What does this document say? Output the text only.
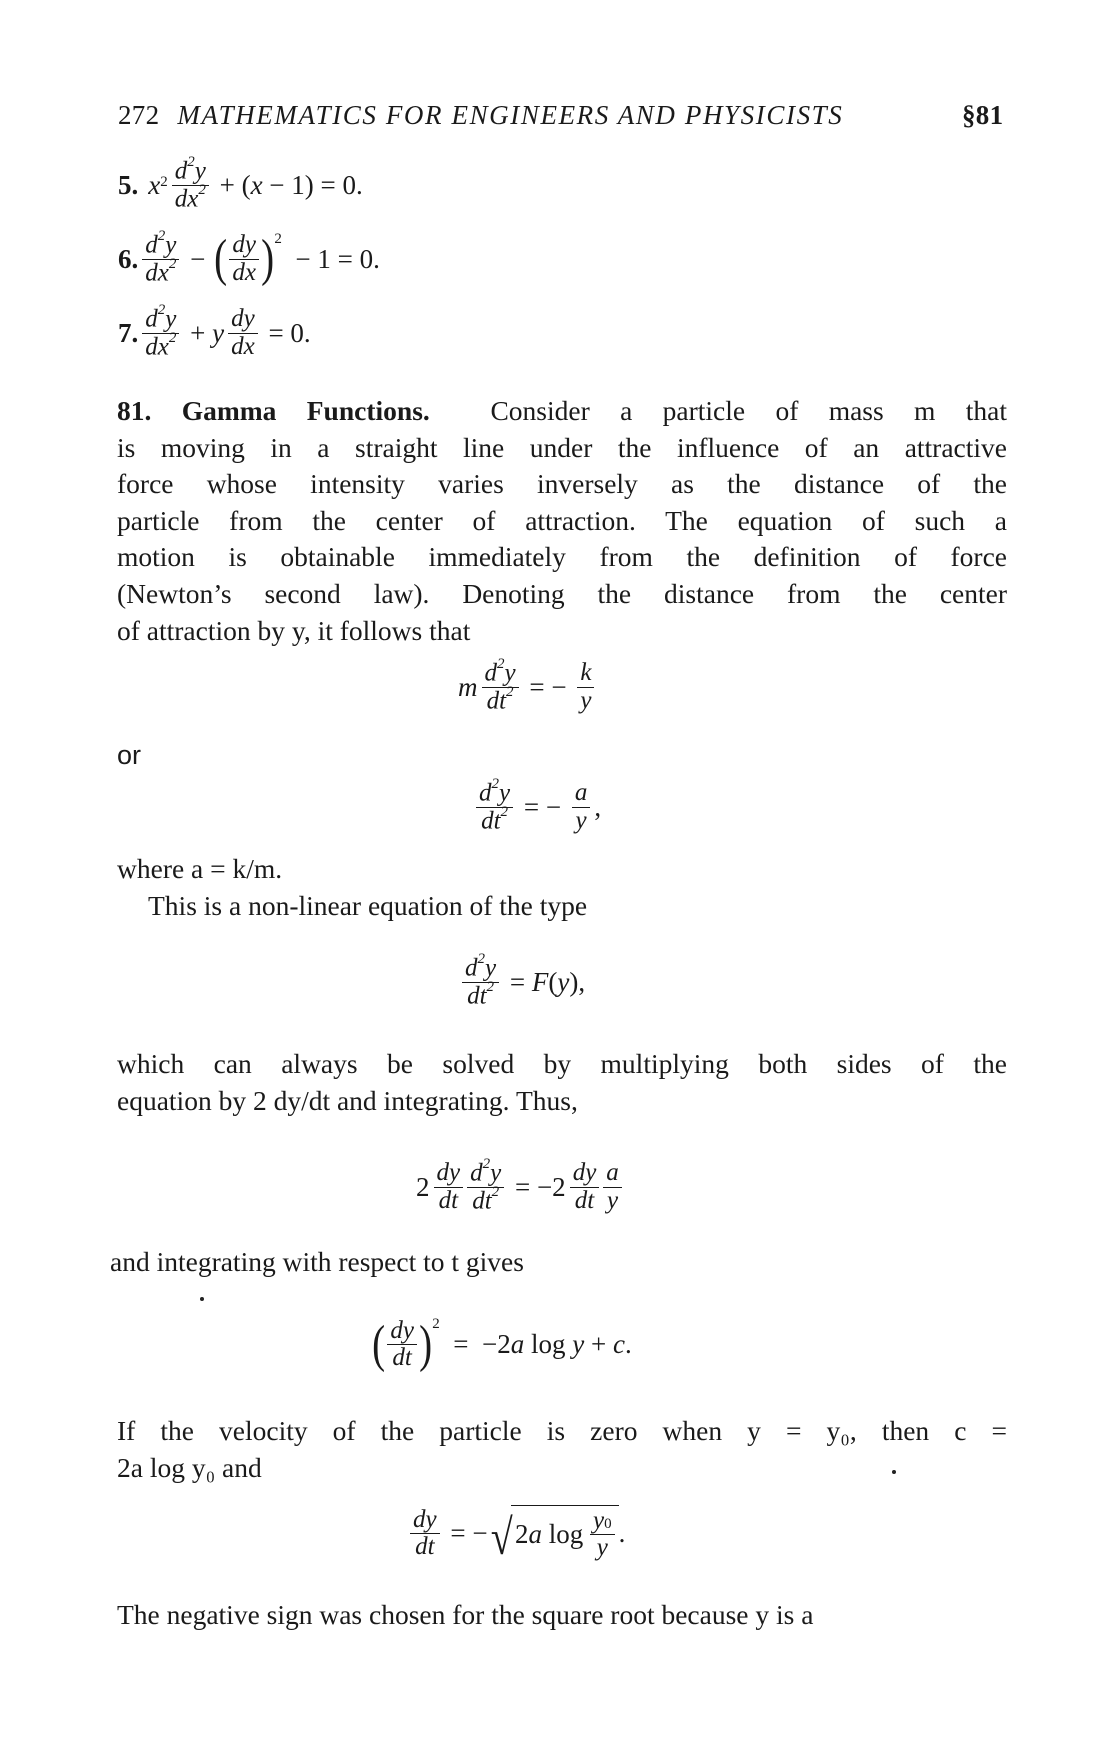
272 MATHEMATICS FOR ENGINEERS AND PHYSICISTS	§81
5. x $2 \frac{d^2y}{dx^2} + (x - 1) = 0$.
6. $\frac{d^2y}{dx^2}$ − ( $\frac{dy}{dx}$ ) 2
− 1 = 0.
7. $\frac{d^2y}{dx^2} + y \frac{dy}{dx} = 0$.
81. Gamma Functions. Consider a particle of mass m that
is moving in a straight line under the influence of an attractive
force whose intensity varies inversely as the distance of the
particle from the center of attraction. The equation of such a
motion is obtainable immediately from the definition of force
(Newton’s second law). Denoting the distance from the center
of attraction by y, it follows that
m $\frac{d^2y}{dt^2}$ = − $\frac{k}{y}$
or
$\frac{d^2y}{dt^2}$ = − $\frac{a}{y}$ ,
where a = k/m.
This is a non-linear equation of the type
$\frac{d^2y}{dt^2} = F(y)$,
which can always be solved by multiplying both sides of the
equation by 2 dy/dt and integrating. Thus,
$2 \frac{dy}{dt} \frac{d^2y}{dt^2} = -2 \frac{dy}{dt} \frac{a}{y}$
and integrating with respect to t gives
( $\frac{dy}{dt}$ ) 2
=  −2a log y + c.
If the velocity of the particle is zero when y = y₀, then c =
2a log y₀ and
$\frac{dy}{dt}$ = − √ 2 a $\log \frac{y0}{y}$ .
The negative sign was chosen for the square root because y is a
